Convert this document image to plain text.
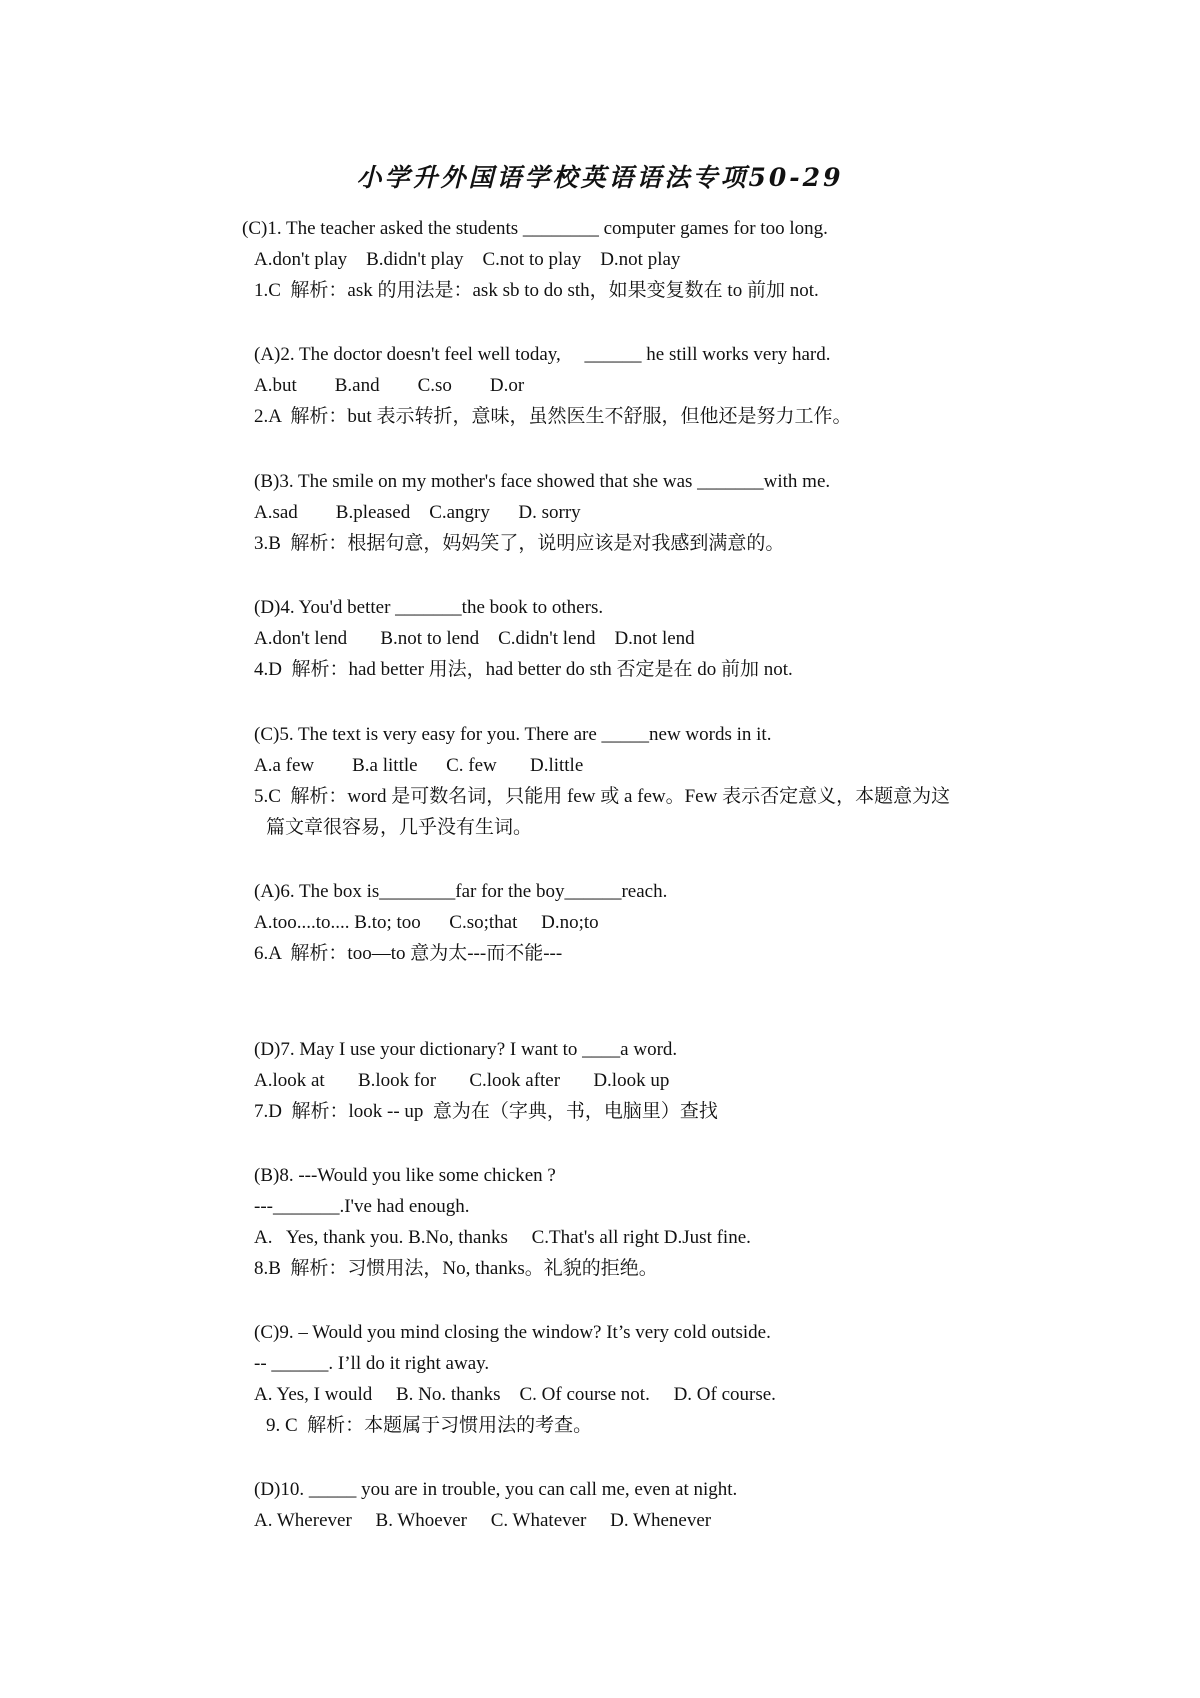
小学升外国语学校英语语法专项50-29
(C)1. The teacher asked the students ________ computer games for too long.
A.don't play    B.didn't play    C.not to play    D.not play
1.C  解析：ask 的用法是：ask sb to do sth，如果变复数在 to 前加 not.
(A)2. The doctor doesn't feel well today,     ______ he still works very hard.
A.but        B.and        C.so        D.or
2.A  解析：but 表示转折，意味，虽然医生不舒服，但他还是努力工作。
(B)3. The smile on my mother's face showed that she was _______with me.
A.sad        B.pleased    C.angry      D. sorry
3.B  解析：根据句意，妈妈笑了，说明应该是对我感到满意的。
(D)4. You'd better _______the book to others.
A.don't lend       B.not to lend    C.didn't lend    D.not lend
4.D  解析：had better 用法，had better do sth 否定是在 do 前加 not.
(C)5. The text is very easy for you. There are _____new words in it.
A.a few        B.a little      C. few       D.little
5.C  解析：word 是可数名词，只能用 few 或 a few。Few 表示否定意义，本题意为这
篇文章很容易，几乎没有生词。
(A)6. The box is________far for the boy______reach.
A.too....to.... B.to; too      C.so;that     D.no;to
6.A  解析：too—to 意为太---而不能---
(D)7. May I use your dictionary? I want to ____a word.
A.look at       B.look for       C.look after       D.look up
7.D  解析：look -- up  意为在（字典，书，电脑里）查找
(B)8. ---Would you like some chicken ?
---_______.I've had enough.
A.   Yes, thank you. B.No, thanks     C.That's all right D.Just fine.
8.B  解析：习惯用法，No, thanks。礼貌的拒绝。
(C)9. – Would you mind closing the window? It’s very cold outside.
-- ______. I’ll do it right away.
A. Yes, I would     B. No. thanks    C. Of course not.     D. Of course.
9. C  解析：本题属于习惯用法的考查。
(D)10. _____ you are in trouble, you can call me, even at night.
A. Wherever     B. Whoever     C. Whatever     D. Whenever
